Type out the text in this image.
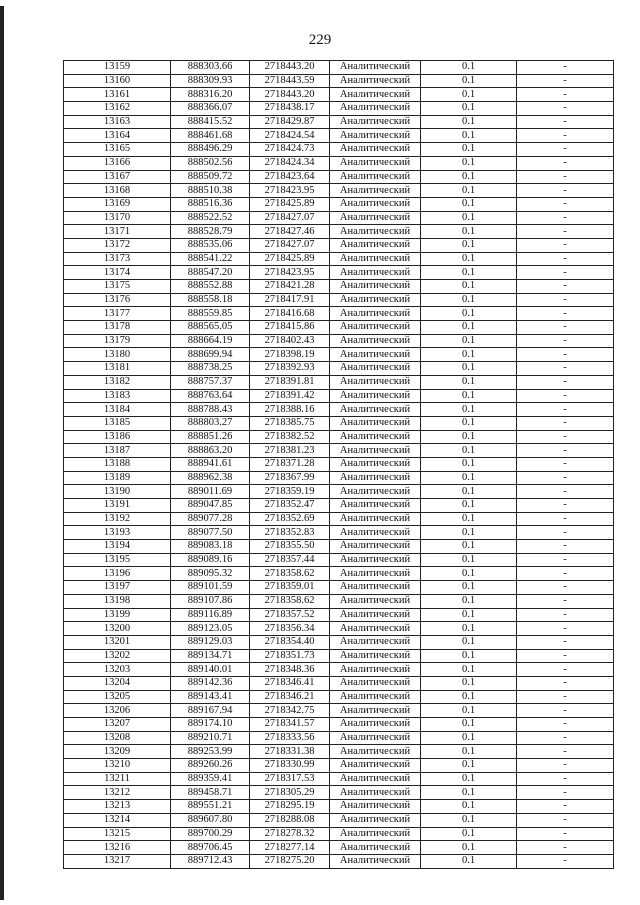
229
13159	888303.66	2718443.20	Аналитический	0.1	-
13160	888309.93	2718443.59	Аналитический	0.1	-
13161	888316.20	2718443.20	Аналитический	0.1	-
13162	888366.07	2718438.17	Аналитический	0.1	-
13163	888415.52	2718429.87	Аналитический	0.1	-
13164	888461.68	2718424.54	Аналитический	0.1	-
13165	888496.29	2718424.73	Аналитический	0.1	-
13166	888502.56	2718424.34	Аналитический	0.1	-
13167	888509.72	2718423.64	Аналитический	0.1	-
13168	888510.38	2718423.95	Аналитический	0.1	-
13169	888516.36	2718425.89	Аналитический	0.1	-
13170	888522.52	2718427.07	Аналитический	0.1	-
13171	888528.79	2718427.46	Аналитический	0.1	-
13172	888535.06	2718427.07	Аналитический	0.1	-
13173	888541.22	2718425.89	Аналитический	0.1	-
13174	888547.20	2718423.95	Аналитический	0.1	-
13175	888552.88	2718421.28	Аналитический	0.1	-
13176	888558.18	2718417.91	Аналитический	0.1	-
13177	888559.85	2718416.68	Аналитический	0.1	-
13178	888565.05	2718415.86	Аналитический	0.1	-
13179	888664.19	2718402.43	Аналитический	0.1	-
13180	888699.94	2718398.19	Аналитический	0.1	-
13181	888738.25	2718392.93	Аналитический	0.1	-
13182	888757.37	2718391.81	Аналитический	0.1	-
13183	888763.64	2718391.42	Аналитический	0.1	-
13184	888788.43	2718388.16	Аналитический	0.1	-
13185	888803.27	2718385.75	Аналитический	0.1	-
13186	888851.26	2718382.52	Аналитический	0.1	-
13187	888863.20	2718381.23	Аналитический	0.1	-
13188	888941.61	2718371.28	Аналитический	0.1	-
13189	888962.38	2718367.99	Аналитический	0.1	-
13190	889011.69	2718359.19	Аналитический	0.1	-
13191	889047.85	2718352.47	Аналитический	0.1	-
13192	889077.28	2718352.69	Аналитический	0.1	-
13193	889077.50	2718352.83	Аналитический	0.1	-
13194	889083.18	2718355.50	Аналитический	0.1	-
13195	889089.16	2718357.44	Аналитический	0.1	-
13196	889095.32	2718358.62	Аналитический	0.1	-
13197	889101.59	2718359.01	Аналитический	0.1	-
13198	889107.86	2718358.62	Аналитический	0.1	-
13199	889116.89	2718357.52	Аналитический	0.1	-
13200	889123.05	2718356.34	Аналитический	0.1	-
13201	889129.03	2718354.40	Аналитический	0.1	-
13202	889134.71	2718351.73	Аналитический	0.1	-
13203	889140.01	2718348.36	Аналитический	0.1	-
13204	889142.36	2718346.41	Аналитический	0.1	-
13205	889143.41	2718346.21	Аналитический	0.1	-
13206	889167.94	2718342.75	Аналитический	0.1	-
13207	889174.10	2718341.57	Аналитический	0.1	-
13208	889210.71	2718333.56	Аналитический	0.1	-
13209	889253.99	2718331.38	Аналитический	0.1	-
13210	889260.26	2718330.99	Аналитический	0.1	-
13211	889359.41	2718317.53	Аналитический	0.1	-
13212	889458.71	2718305.29	Аналитический	0.1	-
13213	889551.21	2718295.19	Аналитический	0.1	-
13214	889607.80	2718288.08	Аналитический	0.1	-
13215	889700.29	2718278.32	Аналитический	0.1	-
13216	889706.45	2718277.14	Аналитический	0.1	-
13217	889712.43	2718275.20	Аналитический	0.1	-
